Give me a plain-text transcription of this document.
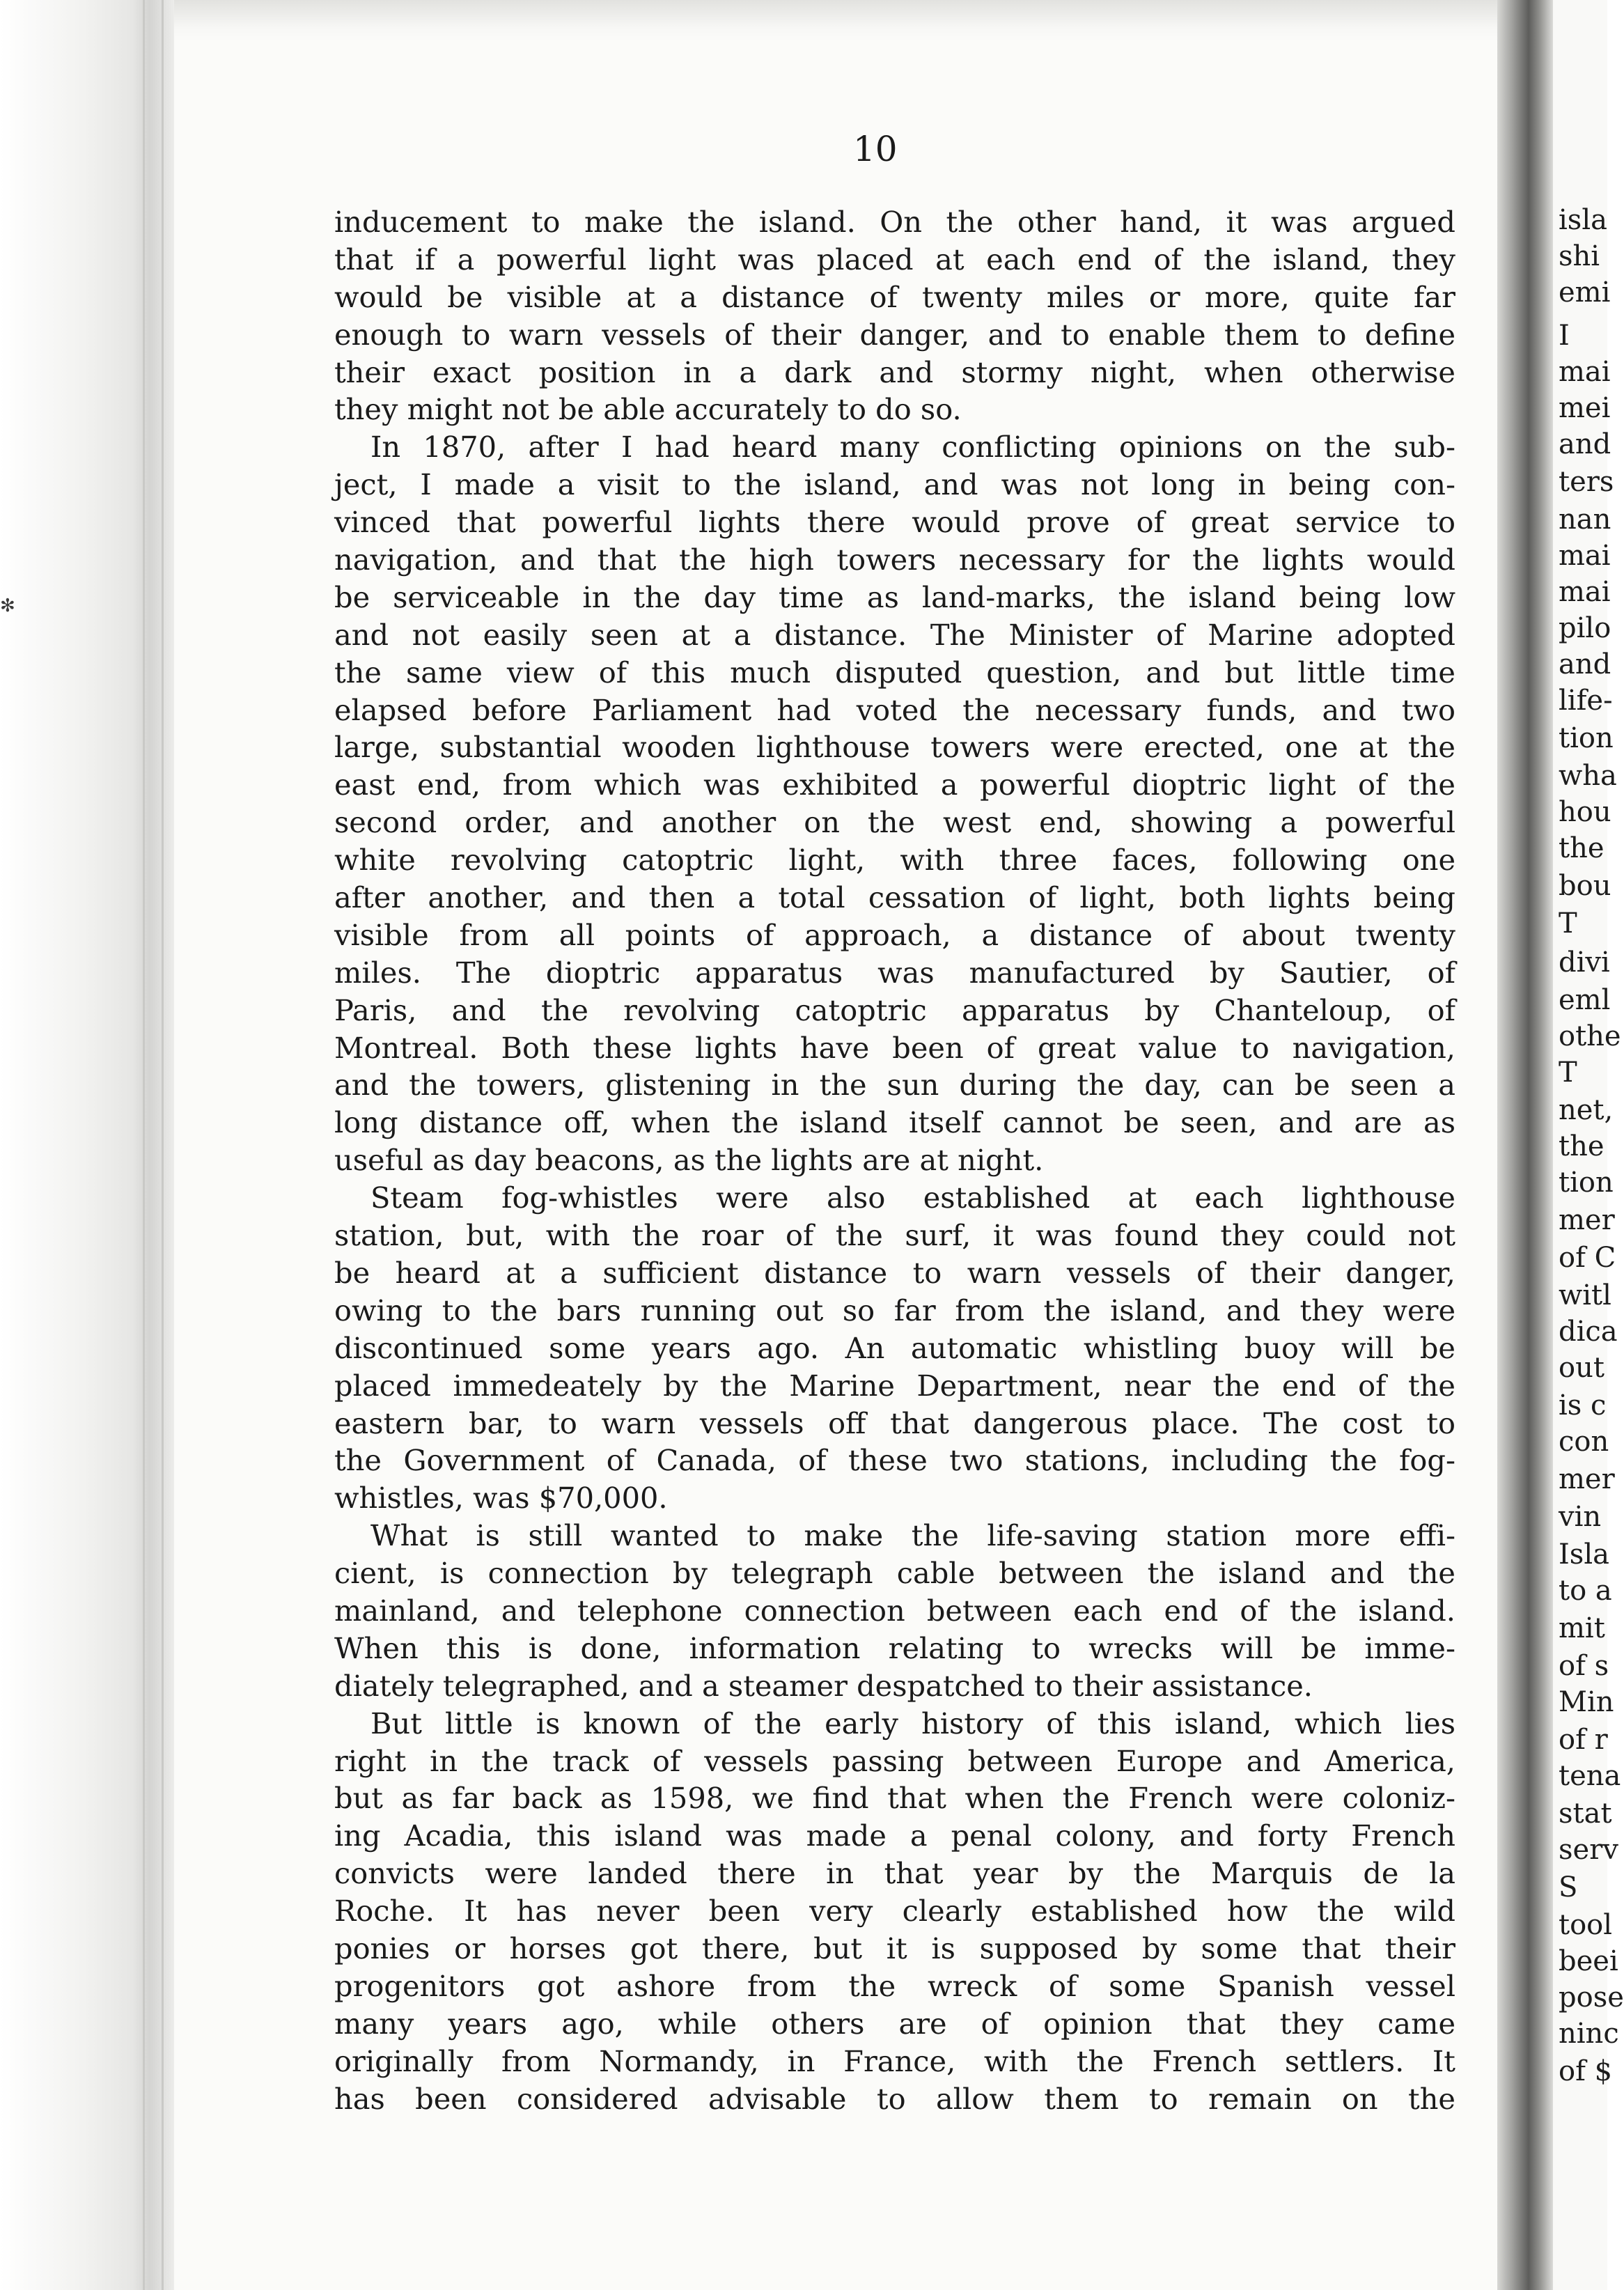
✻
10
inducement to make the island. On the other hand, it was argued
that if a powerful light was placed at each end of the island, they
would be visible at a distance of twenty miles or more, quite far
enough to warn vessels of their danger, and to enable them to define
their exact position in a dark and stormy night, when otherwise
they might not be able accurately to do so.
In 1870, after I had heard many conflicting opinions on the sub-
ject, I made a visit to the island, and was not long in being con-
vinced that powerful lights there would prove of great service to
navigation, and that the high towers necessary for the lights would
be serviceable in the day time as land-marks, the island being low
and not easily seen at a distance. The Minister of Marine adopted
the same view of this much disputed question, and but little time
elapsed before Parliament had voted the necessary funds, and two
large, substantial wooden lighthouse towers were erected, one at the
east end, from which was exhibited a powerful dioptric light of the
second order, and another on the west end, showing a powerful
white revolving catoptric light, with three faces, following one
after another, and then a total cessation of light, both lights being
visible from all points of approach, a distance of about twenty
miles. The dioptric apparatus was manufactured by Sautier, of
Paris, and the revolving catoptric apparatus by Chanteloup, of
Montreal. Both these lights have been of great value to navigation,
and the towers, glistening in the sun during the day, can be seen a
long distance off, when the island itself cannot be seen, and are as
useful as day beacons, as the lights are at night.
Steam fog-whistles were also established at each lighthouse
station, but, with the roar of the surf, it was found they could not
be heard at a sufficient distance to warn vessels of their danger,
owing to the bars running out so far from the island, and they were
discontinued some years ago. An automatic whistling buoy will be
placed immedeately by the Marine Department, near the end of the
eastern bar, to warn vessels off that dangerous place. The cost to
the Government of Canada, of these two stations, including the fog-
whistles, was $70,000.
What is still wanted to make the life-saving station more effi-
cient, is connection by telegraph cable between the island and the
mainland, and telephone connection between each end of the island.
When this is done, information relating to wrecks will be imme-
diately telegraphed, and a steamer despatched to their assistance.
But little is known of the early history of this island, which lies
right in the track of vessels passing between Europe and America,
but as far back as 1598, we find that when the French were coloniz-
ing Acadia, this island was made a penal colony, and forty French
convicts were landed there in that year by the Marquis de la
Roche. It has never been very clearly established how the wild
ponies or horses got there, but it is supposed by some that their
progenitors got ashore from the wreck of some Spanish vessel
many years ago, while others are of opinion that they came
originally from Normandy, in France, with the French settlers. It
has been considered advisable to allow them to remain on the
isla
shi
emi
I
mai
mei
and
ters
nan
mai
mai
pilo
and
life-
tion
wha
hou
the
bou
T
divi
eml
othe
T
net,
the
tion
mer
of C
witl
dica
out
is c
con
mer
vin
Isla
to a
mit
of s
Min
of r
tena
stat
serv
S
tool
beei
pose
ninc
of $
